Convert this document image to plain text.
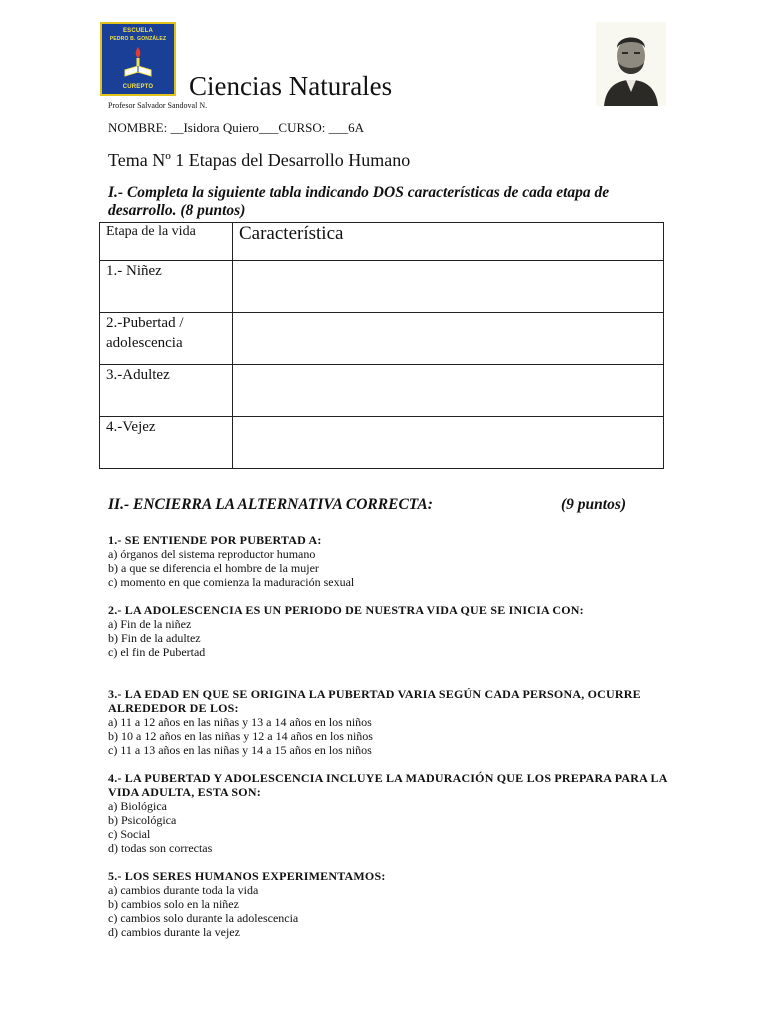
ESCUELA
PEDRO B. GONZÁLEZ
CUREPTO	Ciencias Naturales
Profesor Salvador Sandoval N.
NOMBRE: __Isidora Quiero___CURSO: ___6A
Tema Nº 1 Etapas del Desarrollo Humano
I.- Completa la siguiente tabla indicando DOS características de cada etapa de desarrollo. (8 puntos)
Etapa de la vida	Característica
1.- Niñez	
2.-Pubertad / adolescencia	
3.-Adultez	
4.-Vejez	
II.- ENCIERRA LA ALTERNATIVA CORRECTA:	(9 puntos)
1.- SE ENTIENDE POR PUBERTAD A:
a) órganos del sistema reproductor humano
b) a que se diferencia el hombre de la mujer
c) momento en que comienza la maduración sexual
2.- LA ADOLESCENCIA ES UN PERIODO DE NUESTRA VIDA QUE SE INICIA CON:
a) Fin de la niñez
b) Fin de la adultez
c) el fin de Pubertad
3.- LA EDAD EN QUE SE ORIGINA LA PUBERTAD VARIA SEGÚN CADA PERSONA, OCURRE ALREDEDOR DE LOS:
a) 11 a 12 años en las niñas y 13 a 14 años en los niños
b) 10 a 12 años en las niñas y 12 a 14 años en los niños
c) 11 a 13 años en las niñas y 14 a 15 años en los niños
4.- LA PUBERTAD Y ADOLESCENCIA INCLUYE LA MADURACIÓN QUE LOS PREPARA PARA LA VIDA ADULTA, ESTA SON:
a) Biológica
b) Psicológica
c) Social
d) todas son correctas
5.- LOS SERES HUMANOS EXPERIMENTAMOS:
a) cambios durante toda la vida
b) cambios solo en la niñez
c) cambios solo durante la adolescencia
d) cambios durante la vejez
